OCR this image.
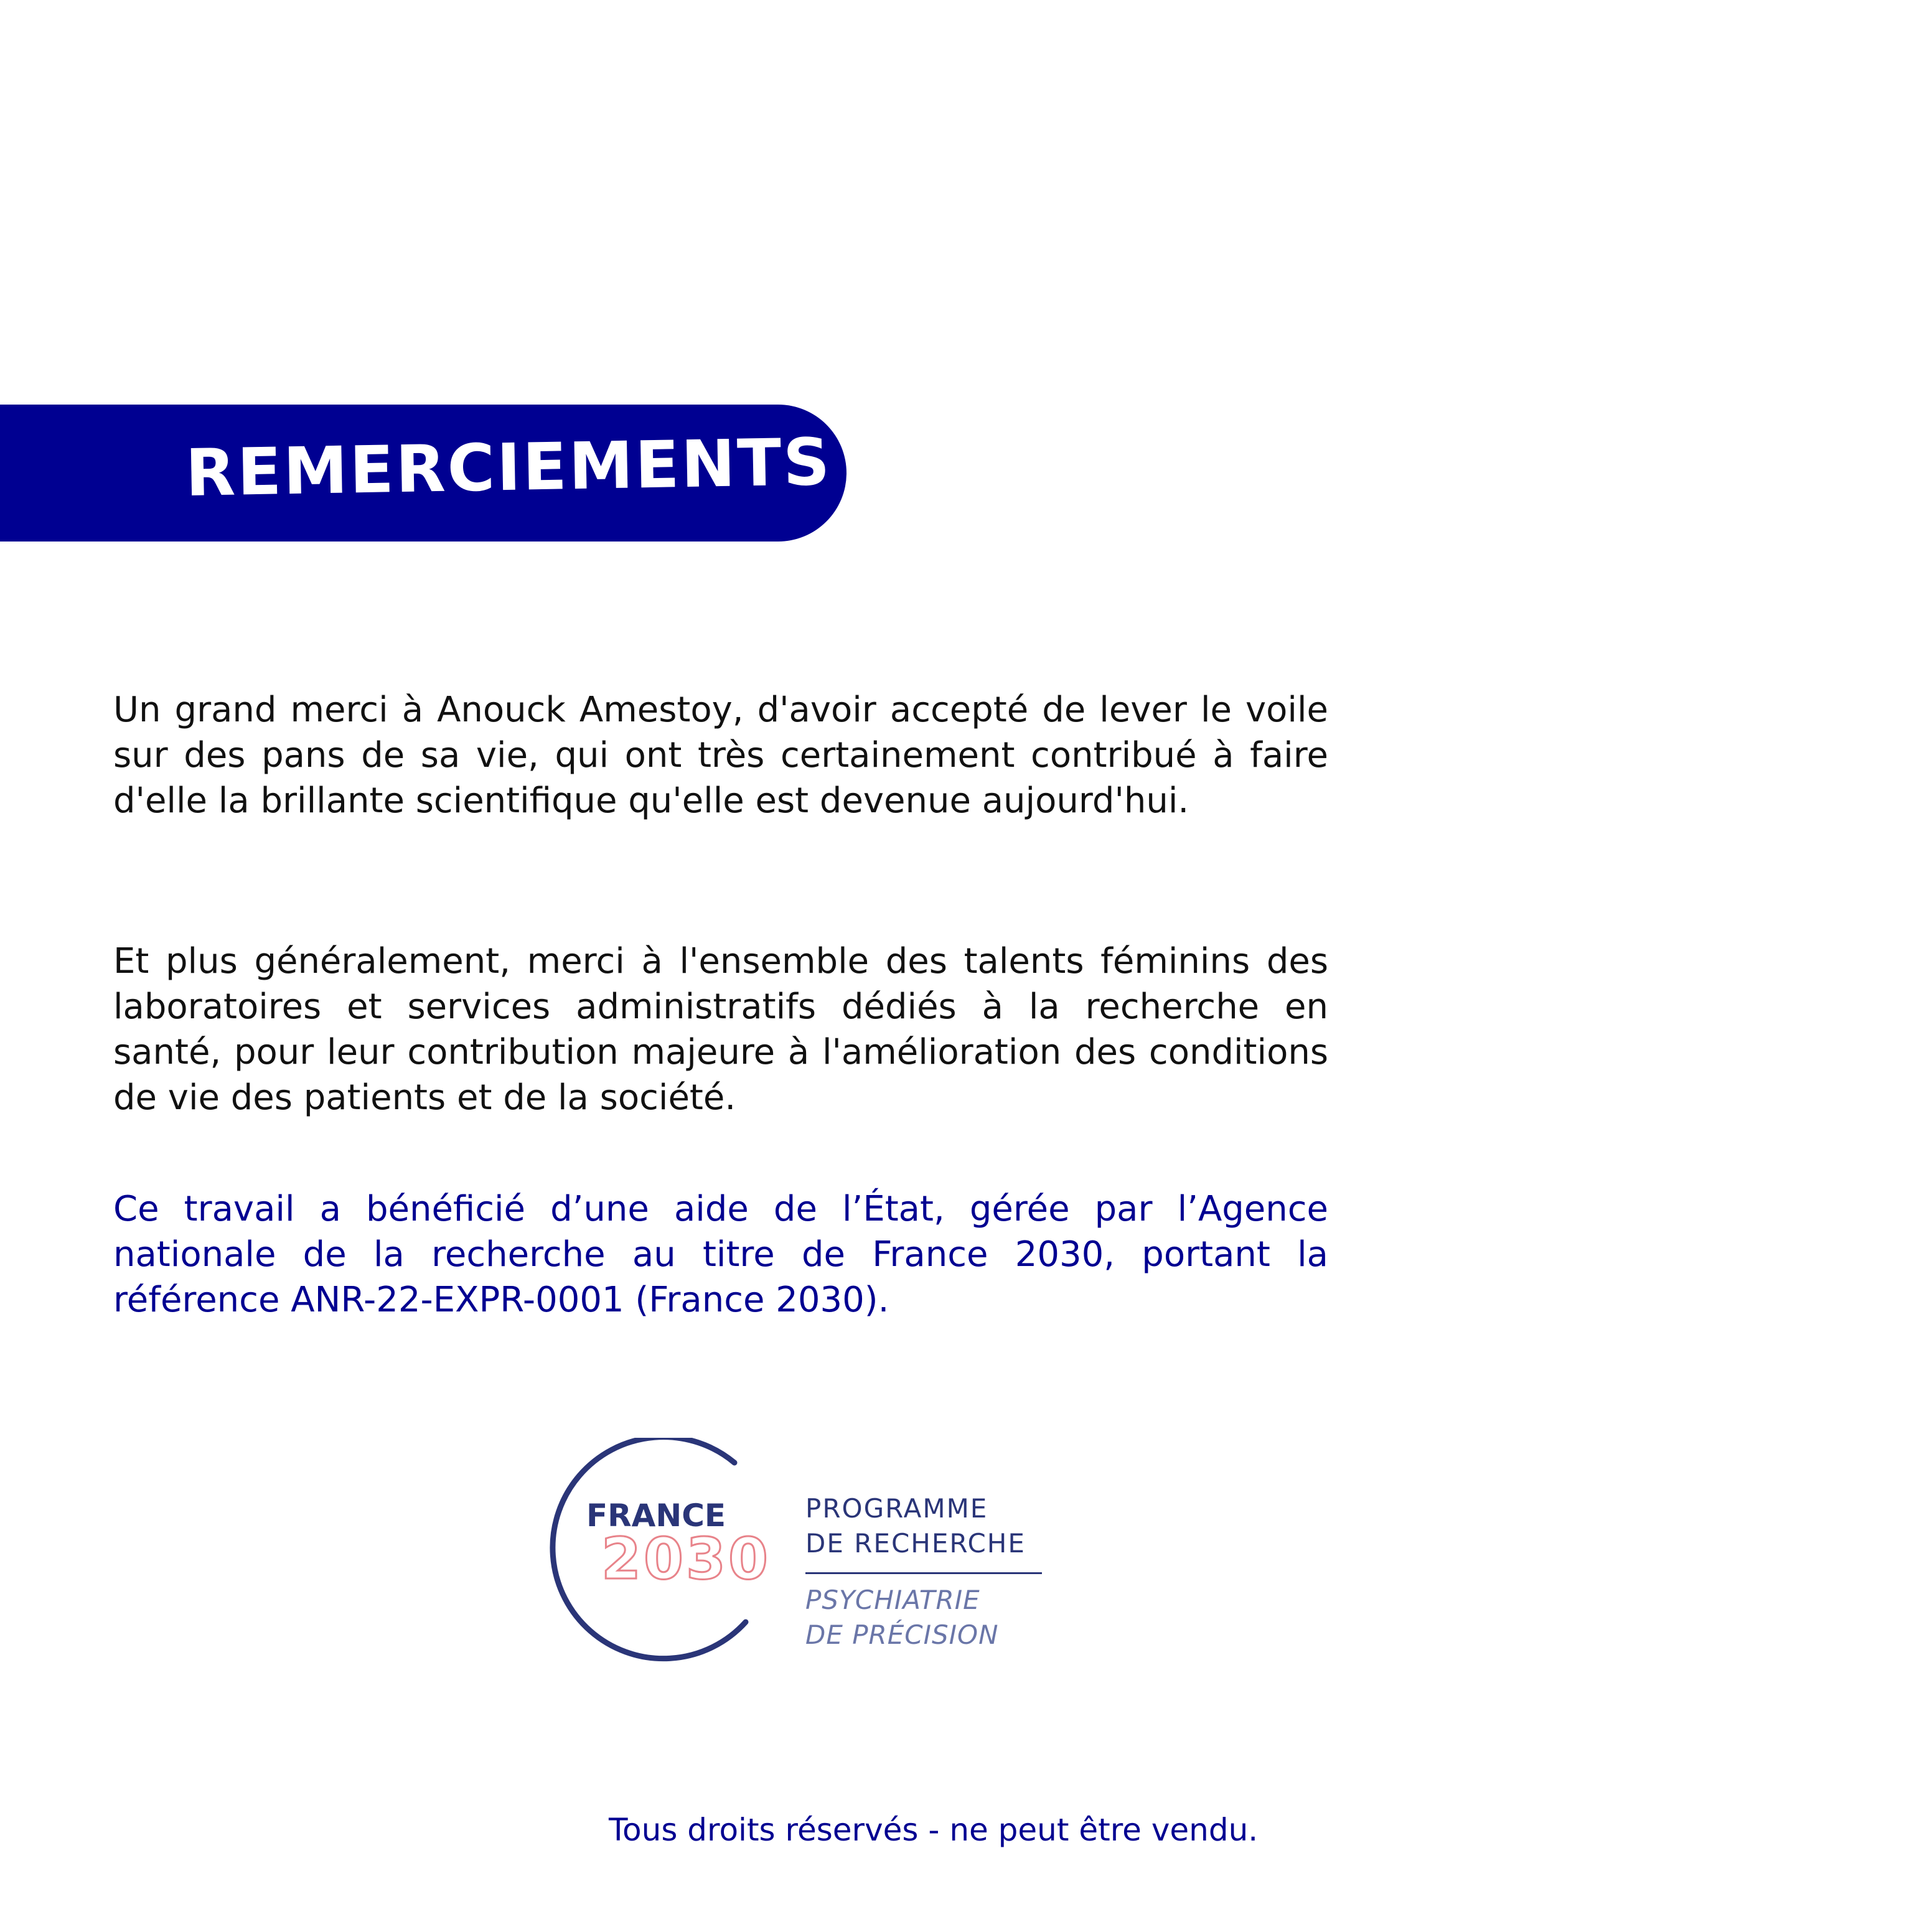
REMERCIEMENTS

Un grand merci à Anouck Amestoy, d'avoir accepté de lever le voile sur des pans de sa vie, qui ont très certainement contribué à faire d'elle la brillante scientifique qu'elle est devenue aujourd'hui.

Et plus généralement, merci à l'ensemble des talents féminins des laboratoires et services administratifs dédiés à la recherche en santé, pour leur contribution majeure à l'amélioration des conditions de vie des patients et de la société.

Ce travail a bénéficié d’une aide de l’État, gérée par l’Agence nationale de la recherche au titre de France 2030, portant la référence ANR-22-EXPR-0001 (France 2030).

FRANCE
2030
PROGRAMME
DE RECHERCHE
PSYCHIATRIE
DE PRÉCISION
Tous droits réservés - ne peut être vendu.
